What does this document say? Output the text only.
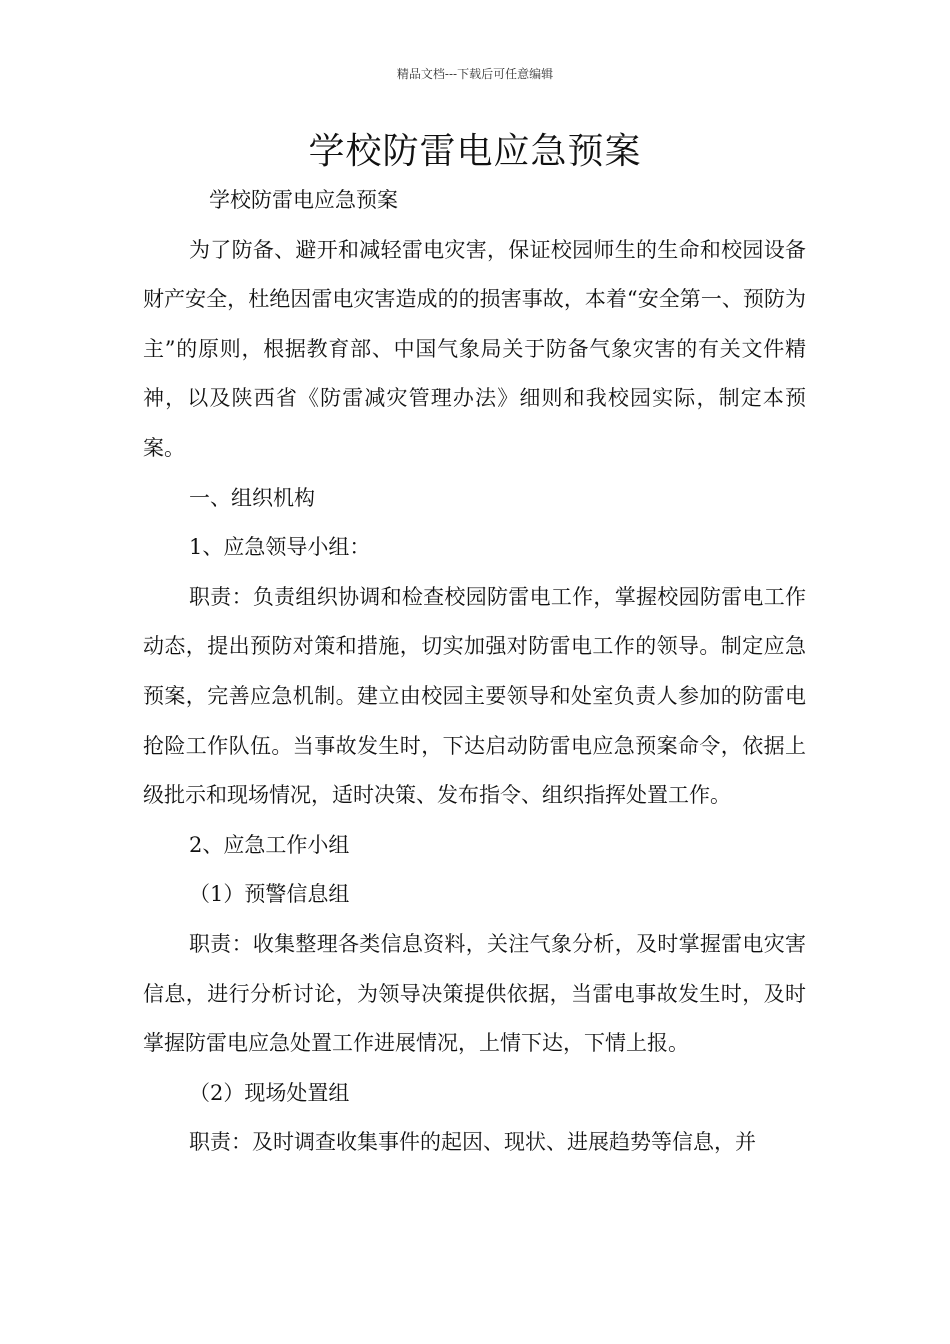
精品文档---下载后可任意编辑
学校防雷电应急预案

学校防雷电应急预案

为了防备、避开和减轻雷电灾害，保证校园师生的生命和校园设备财产安全，杜绝因雷电灾害造成的的损害事故，本着“安全第一、预防为主”的原则，根据教育部、中国气象局关于防备气象灾害的有关文件精神，以及陕西省《防雷减灾管理办法》细则和我校园实际，制定本预案。

一、组织机构

1、应急领导小组：

职责：负责组织协调和检查校园防雷电工作，掌握校园防雷电工作动态，提出预防对策和措施，切实加强对防雷电工作的领导。制定应急预案，完善应急机制。建立由校园主要领导和处室负责人参加的防雷电抢险工作队伍。当事故发生时，下达启动防雷电应急预案命令，依据上级批示和现场情况，适时决策、发布指令、组织指挥处置工作。

2、应急工作小组

（1）预警信息组

职责：收集整理各类信息资料，关注气象分析，及时掌握雷电灾害信息，进行分析讨论，为领导决策提供依据，当雷电事故发生时，及时掌握防雷电应急处置工作进展情况，上情下达，下情上报。

（2）现场处置组

职责：及时调查收集事件的起因、现状、进展趋势等信息，并
